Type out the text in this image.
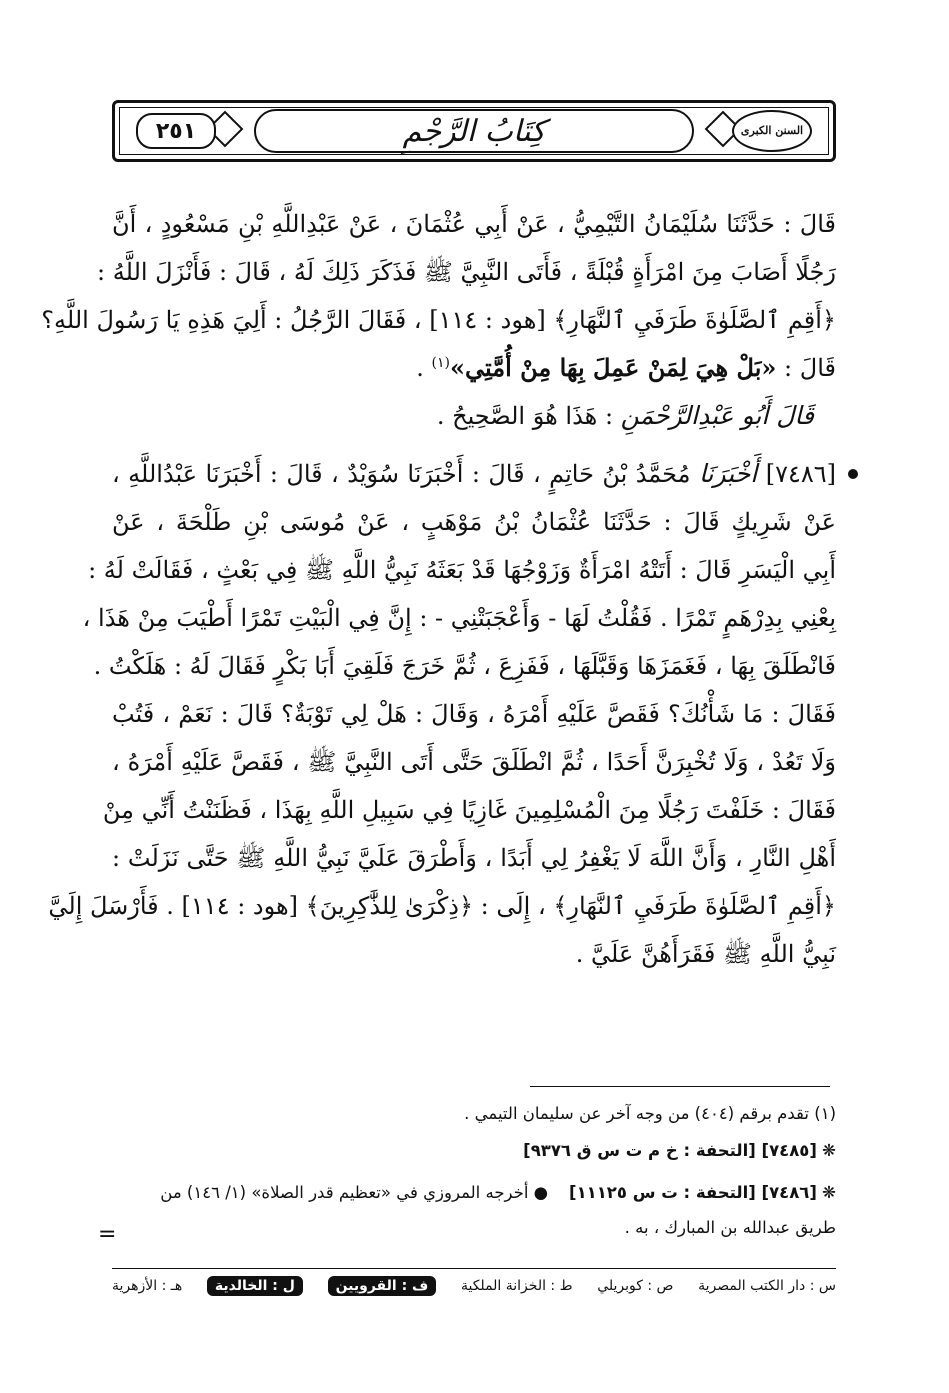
السنن الكبرى
كِتَابُ الرَّجْمِ
٢٥١

قَالَ : حَدَّثَنَا سُلَيْمَانُ التَّيْمِيُّ ، عَنْ أَبِي عُثْمَانَ ، عَنْ عَبْدِاللَّهِ بْنِ مَسْعُودٍ ، أَنَّ

رَجُلًا أَصَابَ مِنَ امْرَأَةٍ قُبْلَةً ، فَأَتَى النَّبِيَّ ﷺ فَذَكَرَ ذَلِكَ لَهُ ، قَالَ : فَأَنْزَلَ اللَّهُ :

﴿أَقِمِ ٱلصَّلَوٰةَ طَرَفَيِ ٱلنَّهَارِ﴾ [هود : ١١٤] ، فَقَالَ الرَّجُلُ : أَلِيَ هَذِهِ يَا رَسُولَ اللَّهِ؟

قَالَ : «بَلْ هِيَ لِمَنْ عَمِلَ بِهَا مِنْ أُمَّتِي»$^{(١)}$ .

قَالَ أَبُو عَبْدِالرَّحْمَنِ : هَذَا هُوَ الصَّحِيحُ .

[٧٤٨٦] أَخْبَرَنَا مُحَمَّدُ بْنُ حَاتِمٍ ، قَالَ : أَخْبَرَنَا سُوَيْدٌ ، قَالَ : أَخْبَرَنَا عَبْدُاللَّهِ ،

عَنْ شَرِيكٍ قَالَ : حَدَّثَنَا عُثْمَانُ بْنُ مَوْهَبٍ ، عَنْ مُوسَى بْنِ طَلْحَةَ ، عَنْ

أَبِي الْيَسَرِ قَالَ : أَتَتْهُ امْرَأَةٌ وَزَوْجُهَا قَدْ بَعَثَهُ نَبِيُّ اللَّهِ ﷺ فِي بَعْثٍ ، فَقَالَتْ لَهُ :

بِعْنِي بِدِرْهَمٍ تَمْرًا . فَقُلْتُ لَهَا - وَأَعْجَبَتْنِي - : إِنَّ فِي الْبَيْتِ تَمْرًا أَطْيَبَ مِنْ هَذَا ،

فَانْطَلَقَ بِهَا ، فَغَمَزَهَا وَقَبَّلَهَا ، فَفَزِعَ ، ثُمَّ خَرَجَ فَلَقِيَ أَبَا بَكْرٍ فَقَالَ لَهُ : هَلَكْتُ .

فَقَالَ : مَا شَأْنُكَ؟ فَقَصَّ عَلَيْهِ أَمْرَهُ ، وَقَالَ : هَلْ لِي تَوْبَةٌ؟ قَالَ : نَعَمْ ، فَتُبْ

وَلَا تَعُدْ ، وَلَا تُخْبِرَنَّ أَحَدًا ، ثُمَّ انْطَلَقَ حَتَّى أَتَى النَّبِيَّ ﷺ ، فَقَصَّ عَلَيْهِ أَمْرَهُ ،

فَقَالَ : خَلَفْتَ رَجُلًا مِنَ الْمُسْلِمِينَ غَازِيًا فِي سَبِيلِ اللَّهِ بِهَذَا ، فَظَنَنْتُ أَنِّي مِنْ

أَهْلِ النَّارِ ، وَأَنَّ اللَّهَ لَا يَغْفِرُ لِي أَبَدًا ، وَأَطْرَقَ عَلَيَّ نَبِيُّ اللَّهِ ﷺ حَتَّى نَزَلَتْ :

﴿أَقِمِ ٱلصَّلَوٰةَ طَرَفَيِ ٱلنَّهَارِ﴾ ، إِلَى : ﴿ذِكْرَىٰ لِلذَّٰكِرِينَ﴾ [هود : ١١٤] . فَأَرْسَلَ إِلَيَّ

نَبِيُّ اللَّهِ ﷺ فَقَرَأَهُنَّ عَلَيَّ .

(١) تقدم برقم (٤٠٤) من وجه آخر عن سليمان التيمي .
❋ [٧٤٨٥] [التحفة : خ م ت س ق ٩٣٧٦]
❋ [٧٤٨٦] [التحفة : ت س ١١١٢٥]    ● أخرجه المروزي في «تعظيم قدر الصلاة» (١/ ١٤٦) من
طريق عبدالله بن المبارك ، به .
=
س : دار الكتب المصرية
ص : كوبريلي
ط : الخزانة الملكية
ف : القرويين
ل : الخالدية
هـ : الأزهرية
